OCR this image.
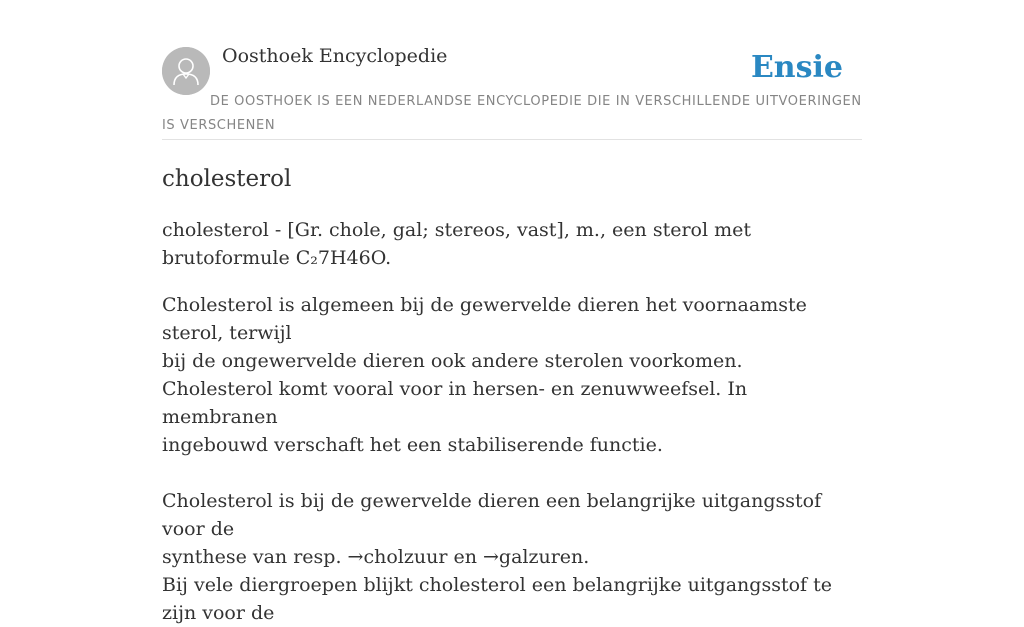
Oosthoek Encyclopedie	Ensie
DE OOSTHOEK IS EEN NEDERLANDSE ENCYCLOPEDIE DIE IN VERSCHILLENDE UITVOERINGEN IS VERSCHENEN
cholesterol

cholesterol - [Gr. chole, gal; stereos, vast], m., een sterol met brutoformule C₂7H46O.

Cholesterol is algemeen bij de gewervelde dieren het voornaamste sterol, terwijl
bij de ongewervelde dieren ook andere sterolen voorkomen.
Cholesterol komt vooral voor in hersen- en zenuwweefsel. In membranen
ingebouwd verschaft het een stabiliserende functie.
Cholesterol is bij de gewervelde dieren een belangrijke uitgangsstof voor de
synthese van resp. →cholzuur en →galzuren.
Bij vele diergroepen blijkt cholesterol een belangrijke uitgangsstof te zijn voor de
